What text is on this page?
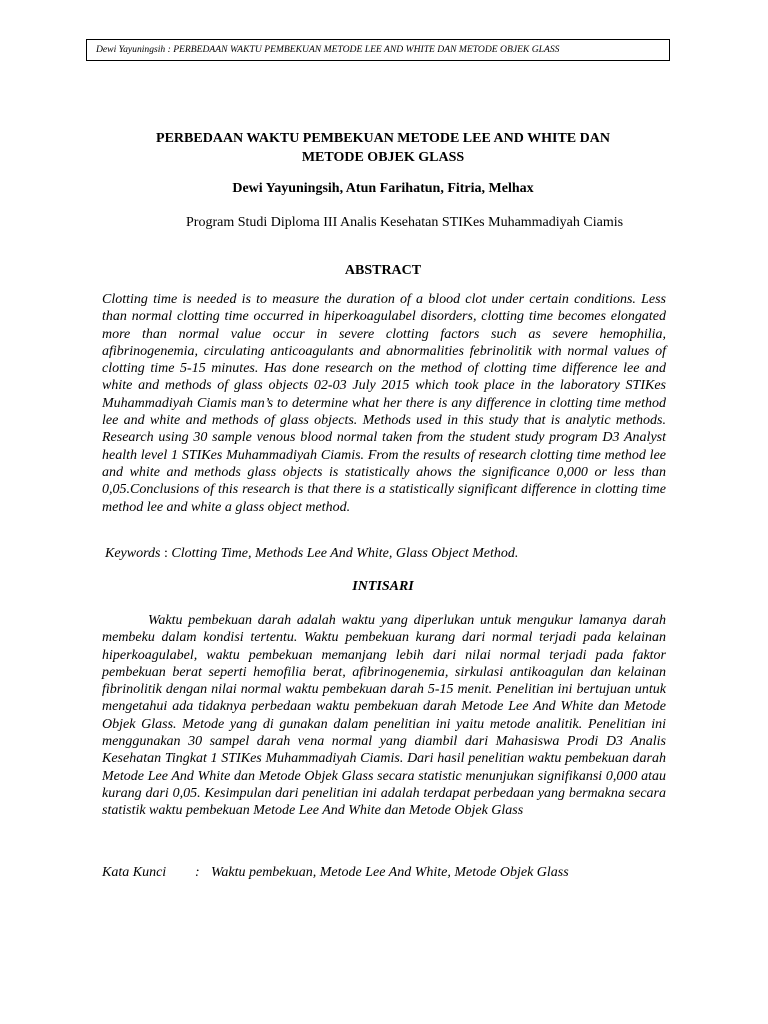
Dewi Yayuningsih : PERBEDAAN WAKTU PEMBEKUAN METODE LEE AND WHITE DAN METODE OBJEK GLASS
PERBEDAAN WAKTU PEMBEKUAN METODE LEE AND WHITE DAN
METODE OBJEK GLASS
Dewi Yayuningsih, Atun Farihatun, Fitria, Melhax
Program Studi Diploma III Analis Kesehatan STIKes Muhammadiyah Ciamis
ABSTRACT

Clotting time is needed is to measure the duration of a blood clot under certain conditions. Less than normal clotting time occurred in hiperkoagulabel disorders, clotting time becomes elongated more than normal value occur in severe clotting factors such as severe hemophilia, afibrinogenemia, circulating anticoagulants and abnormalities febrinolitik with normal values of clotting time 5-15 minutes. Has done research on the method of clotting time difference lee and white and methods of glass objects 02-03 July 2015 which took place in the laboratory STIKes Muhammadiyah Ciamis man’s to determine what her there is any difference in clotting time method lee and white and methods of glass objects. Methods used in this study that is analytic methods. Research using 30 sample venous blood normal taken from the student study program D3 Analyst health level 1 STIKes Muhammadiyah Ciamis. From the results of research clotting time method lee and white and methods glass objects is statistically ahows the significance 0,000 or less than 0,05.Conclusions of this research is that there is a statistically significant difference in clotting time method lee and white a glass object method.

Keywords : Clotting Time, Methods Lee And White, Glass Object Method.
INTISARI

Waktu pembekuan darah adalah waktu yang diperlukan untuk mengukur lamanya darah membeku dalam kondisi tertentu. Waktu pembekuan kurang dari normal terjadi pada kelainan hiperkoagulabel, waktu pembekuan memanjang lebih dari nilai normal terjadi pada faktor pembekuan berat seperti hemofilia berat, afibrinogenemia, sirkulasi antikoagulan dan kelainan fibrinolitik dengan nilai normal waktu pembekuan darah 5-15 menit. Penelitian ini bertujuan untuk mengetahui ada tidaknya perbedaan waktu pembekuan darah Metode Lee And White dan Metode Objek Glass. Metode yang di gunakan dalam penelitian ini yaitu metode analitik. Penelitian ini menggunakan 30 sampel darah vena normal yang diambil dari Mahasiswa Prodi D3 Analis Kesehatan Tingkat 1 STIKes Muhammadiyah Ciamis. Dari hasil penelitian waktu pembekuan darah Metode Lee And White dan Metode Objek Glass secara statistic menunjukan signifikansi 0,000 atau kurang dari 0,05. Kesimpulan dari penelitian ini adalah terdapat perbedaan yang bermakna secara statistik waktu pembekuan Metode Lee And White dan Metode Objek Glass

Kata Kunci : Waktu pembekuan, Metode Lee And White, Metode Objek Glass
